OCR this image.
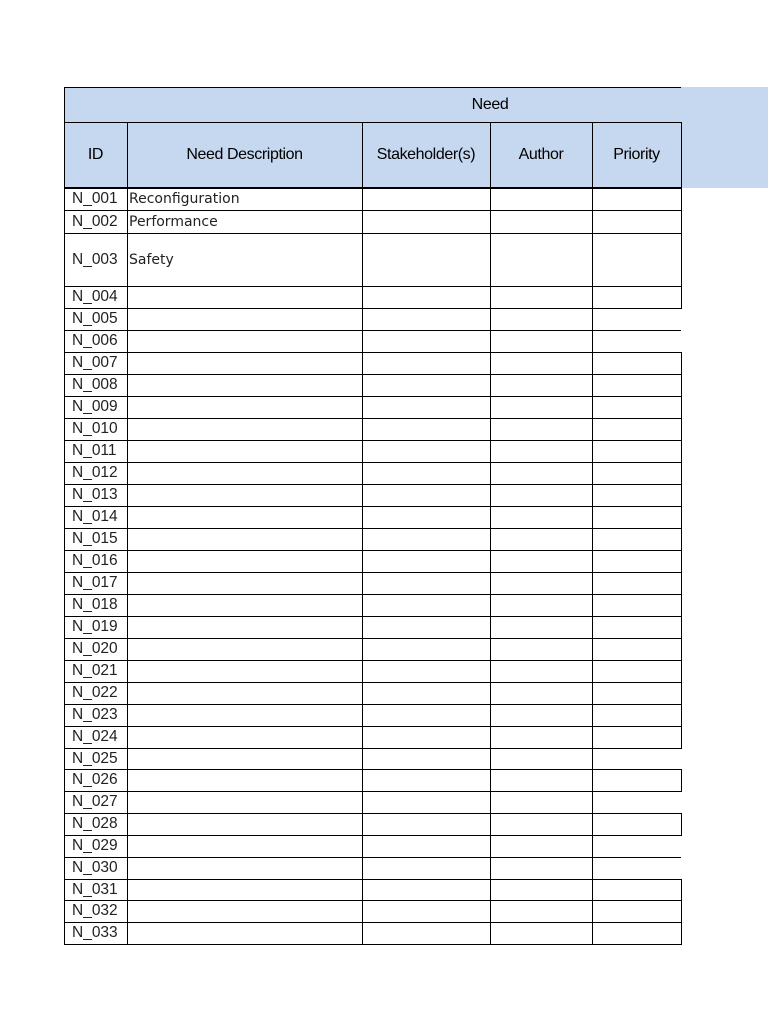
Need
ID	Need Description	Stakeholder(s)	Author	Priority
N_001 Reconfiguration
N_002 Performance
N_003 Safety
N_004
N_005
N_006
N_007
N_008
N_009
N_010
N_011
N_012
N_013
N_014
N_015
N_016
N_017
N_018
N_019
N_020
N_021
N_022
N_023
N_024
N_025
N_026
N_027
N_028
N_029
N_030
N_031
N_032
N_033
